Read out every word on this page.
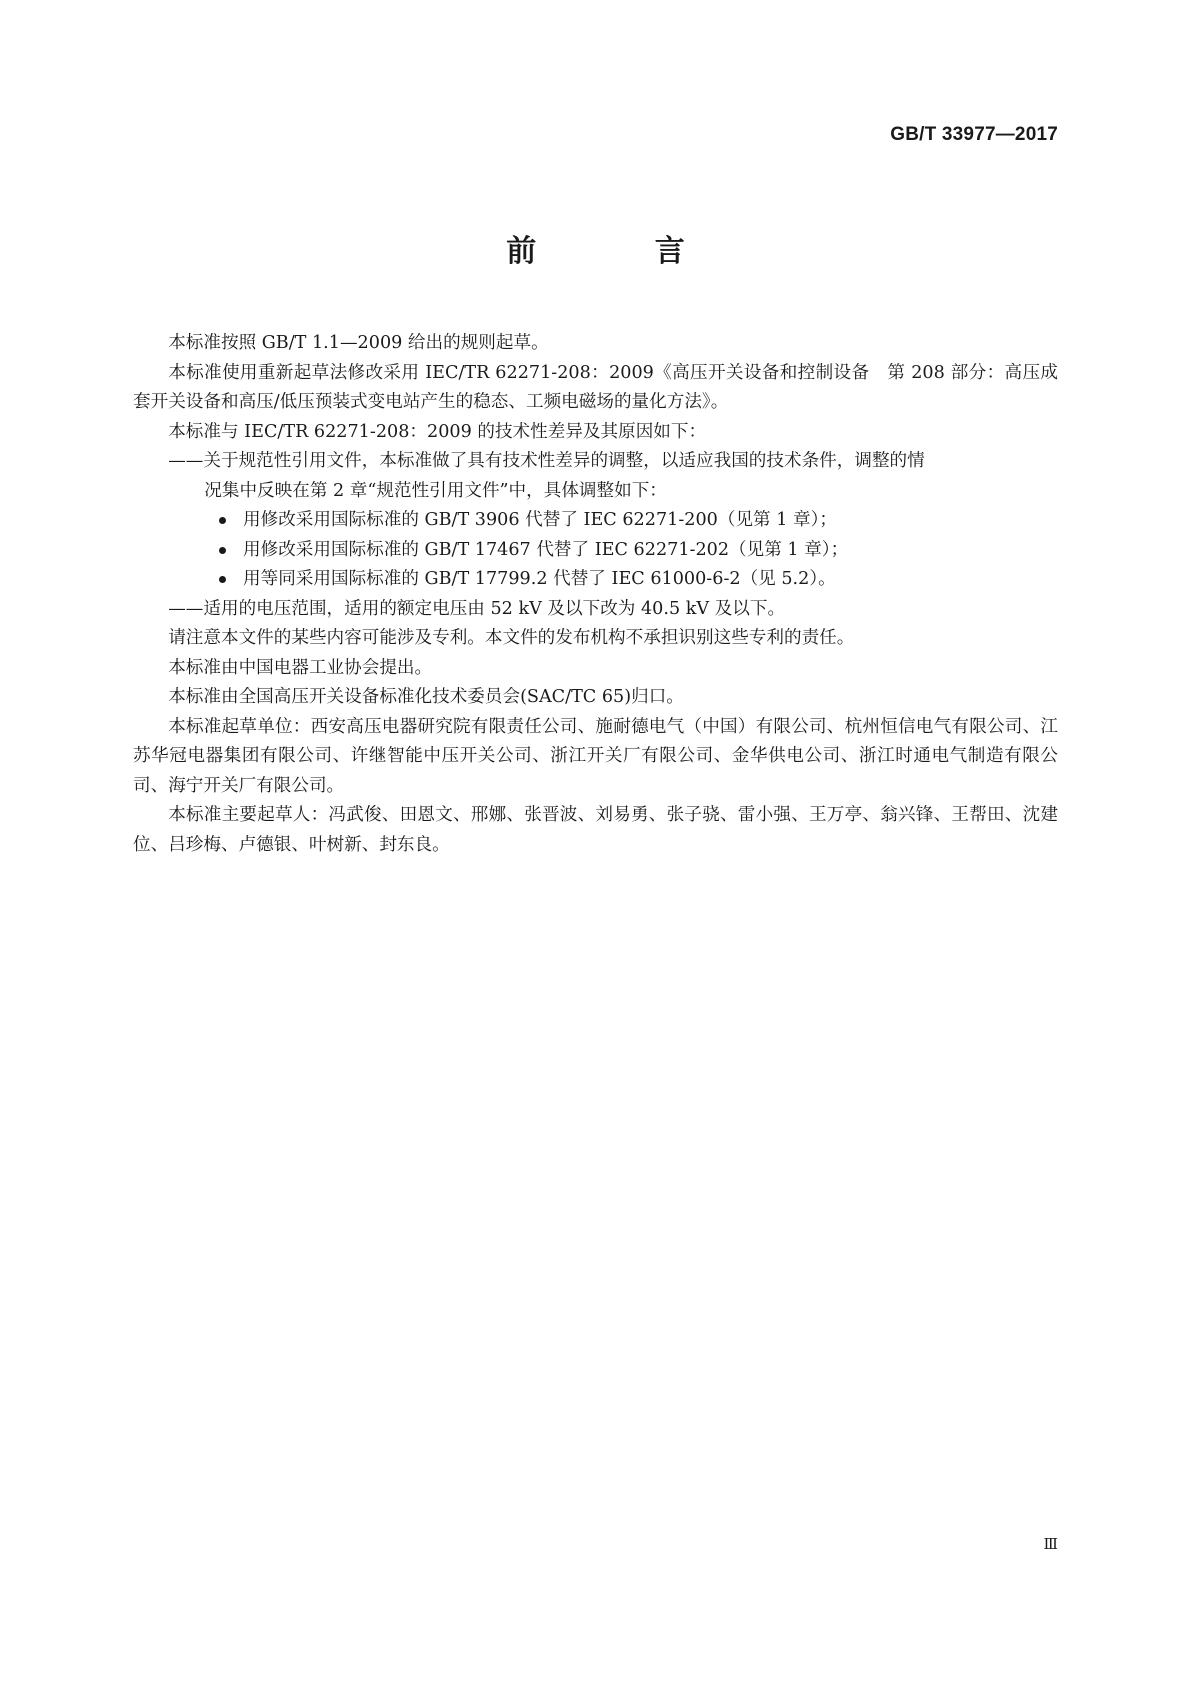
GB/T 33977—2017
前 言

本标准按照 GB/T 1.1—2009 给出的规则起草。

本标准使用重新起草法修改采用 IEC/TR 62271-208：2009《高压开关设备和控制设备　第 208 部分：高压成套开关设备和高压/低压预装式变电站产生的稳态、工频电磁场的量化方法》。

本标准与 IEC/TR 62271-208：2009 的技术性差异及其原因如下：

——关于规范性引用文件，本标准做了具有技术性差异的调整，以适应我国的技术条件，调整的情
况集中反映在第 2 章“规范性引用文件”中，具体调整如下：
用修改采用国际标准的 GB/T 3906 代替了 IEC 62271-200（见第 1 章）；
用修改采用国际标准的 GB/T 17467 代替了 IEC 62271-202（见第 1 章）；
用等同采用国际标准的 GB/T 17799.2 代替了 IEC 61000-6-2（见 5.2）。
——适用的电压范围，适用的额定电压由 52 kV 及以下改为 40.5 kV 及以下。

请注意本文件的某些内容可能涉及专利。本文件的发布机构不承担识别这些专利的责任。

本标准由中国电器工业协会提出。

本标准由全国高压开关设备标准化技术委员会(SAC/TC 65)归口。

本标准起草单位：西安高压电器研究院有限责任公司、施耐德电气（中国）有限公司、杭州恒信电气有限公司、江苏华冠电器集团有限公司、许继智能中压开关公司、浙江开关厂有限公司、金华供电公司、浙江时通电气制造有限公司、海宁开关厂有限公司。

本标准主要起草人：冯武俊、田恩文、邢娜、张晋波、刘易勇、张子骁、雷小强、王万亭、翁兴锋、王帮田、沈建位、吕珍梅、卢德银、叶树新、封东良。

Ⅲ
